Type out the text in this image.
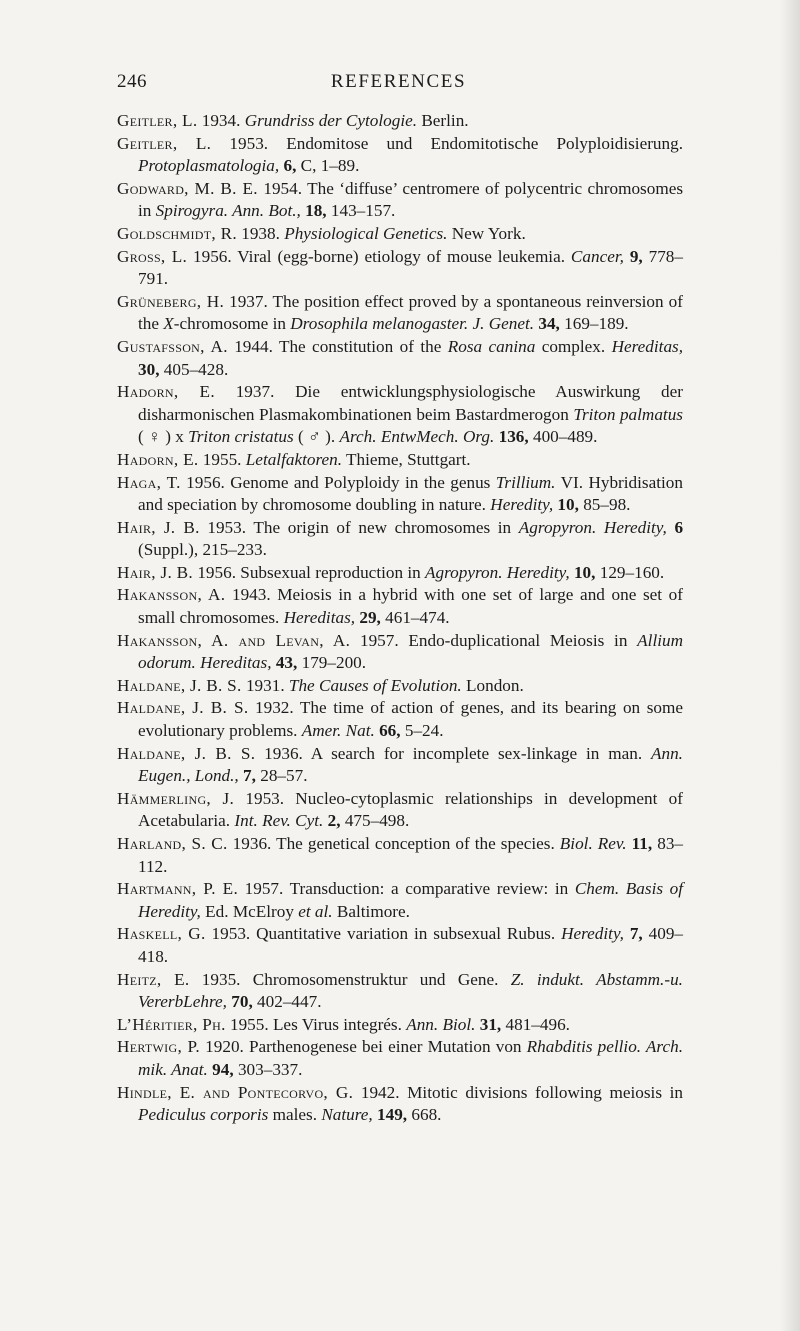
246	REFERENCES
Geitler, L. 1934. Grundriss der Cytologie. Berlin.
Geitler, L. 1953. Endomitose und Endomitotische Polyploidisierung. Protoplasmatologia, 6, C, 1–89.
Godward, M. B. E. 1954. The ‘diffuse’ centromere of polycentric chromosomes in Spirogyra. Ann. Bot., 18, 143–157.
Goldschmidt, R. 1938. Physiological Genetics. New York.
Gross, L. 1956. Viral (egg-borne) etiology of mouse leukemia. Cancer, 9, 778–791.
Grüneberg, H. 1937. The position effect proved by a spontaneous reinversion of the X-chromosome in Drosophila melanogaster. J. Genet. 34, 169–189.
Gustafsson, A. 1944. The constitution of the Rosa canina complex. Hereditas, 30, 405–428.
Hadorn, E. 1937. Die entwicklungsphysiologische Auswirkung der disharmonischen Plasmakombinationen beim Bastardmerogon Triton palmatus ( ♀ ) x Triton cristatus ( ♂ ). Arch. EntwMech. Org. 136, 400–489.
Hadorn, E. 1955. Letalfaktoren. Thieme, Stuttgart.
Haga, T. 1956. Genome and Polyploidy in the genus Trillium. VI. Hybridisation and speciation by chromosome doubling in nature. Heredity, 10, 85–98.
Hair, J. B. 1953. The origin of new chromosomes in Agropyron. Heredity, 6 (Suppl.), 215–233.
Hair, J. B. 1956. Subsexual reproduction in Agropyron. Heredity, 10, 129–160.
Hakansson, A. 1943. Meiosis in a hybrid with one set of large and one set of small chromosomes. Hereditas, 29, 461–474.
Hakansson, A. and Levan, A. 1957. Endo-duplicational Meiosis in Allium odorum. Hereditas, 43, 179–200.
Haldane, J. B. S. 1931. The Causes of Evolution. London.
Haldane, J. B. S. 1932. The time of action of genes, and its bearing on some evolutionary problems. Amer. Nat. 66, 5–24.
Haldane, J. B. S. 1936. A search for incomplete sex-linkage in man. Ann. Eugen., Lond., 7, 28–57.
Hämmerling, J. 1953. Nucleo-cytoplasmic relationships in development of Acetabularia. Int. Rev. Cyt. 2, 475–498.
Harland, S. C. 1936. The genetical conception of the species. Biol. Rev. 11, 83–112.
Hartmann, P. E. 1957. Transduction: a comparative review: in Chem. Basis of Heredity, Ed. McElroy et al. Baltimore.
Haskell, G. 1953. Quantitative variation in subsexual Rubus. Heredity, 7, 409–418.
Heitz, E. 1935. Chromosomenstruktur und Gene. Z. indukt. Abstamm.-u. VererbLehre, 70, 402–447.
L’Héritier, Ph. 1955. Les Virus integrés. Ann. Biol. 31, 481–496.
Hertwig, P. 1920. Parthenogenese bei einer Mutation von Rhabditis pellio. Arch. mik. Anat. 94, 303–337.
Hindle, E. and Pontecorvo, G. 1942. Mitotic divisions following meiosis in Pediculus corporis males. Nature, 149, 668.
